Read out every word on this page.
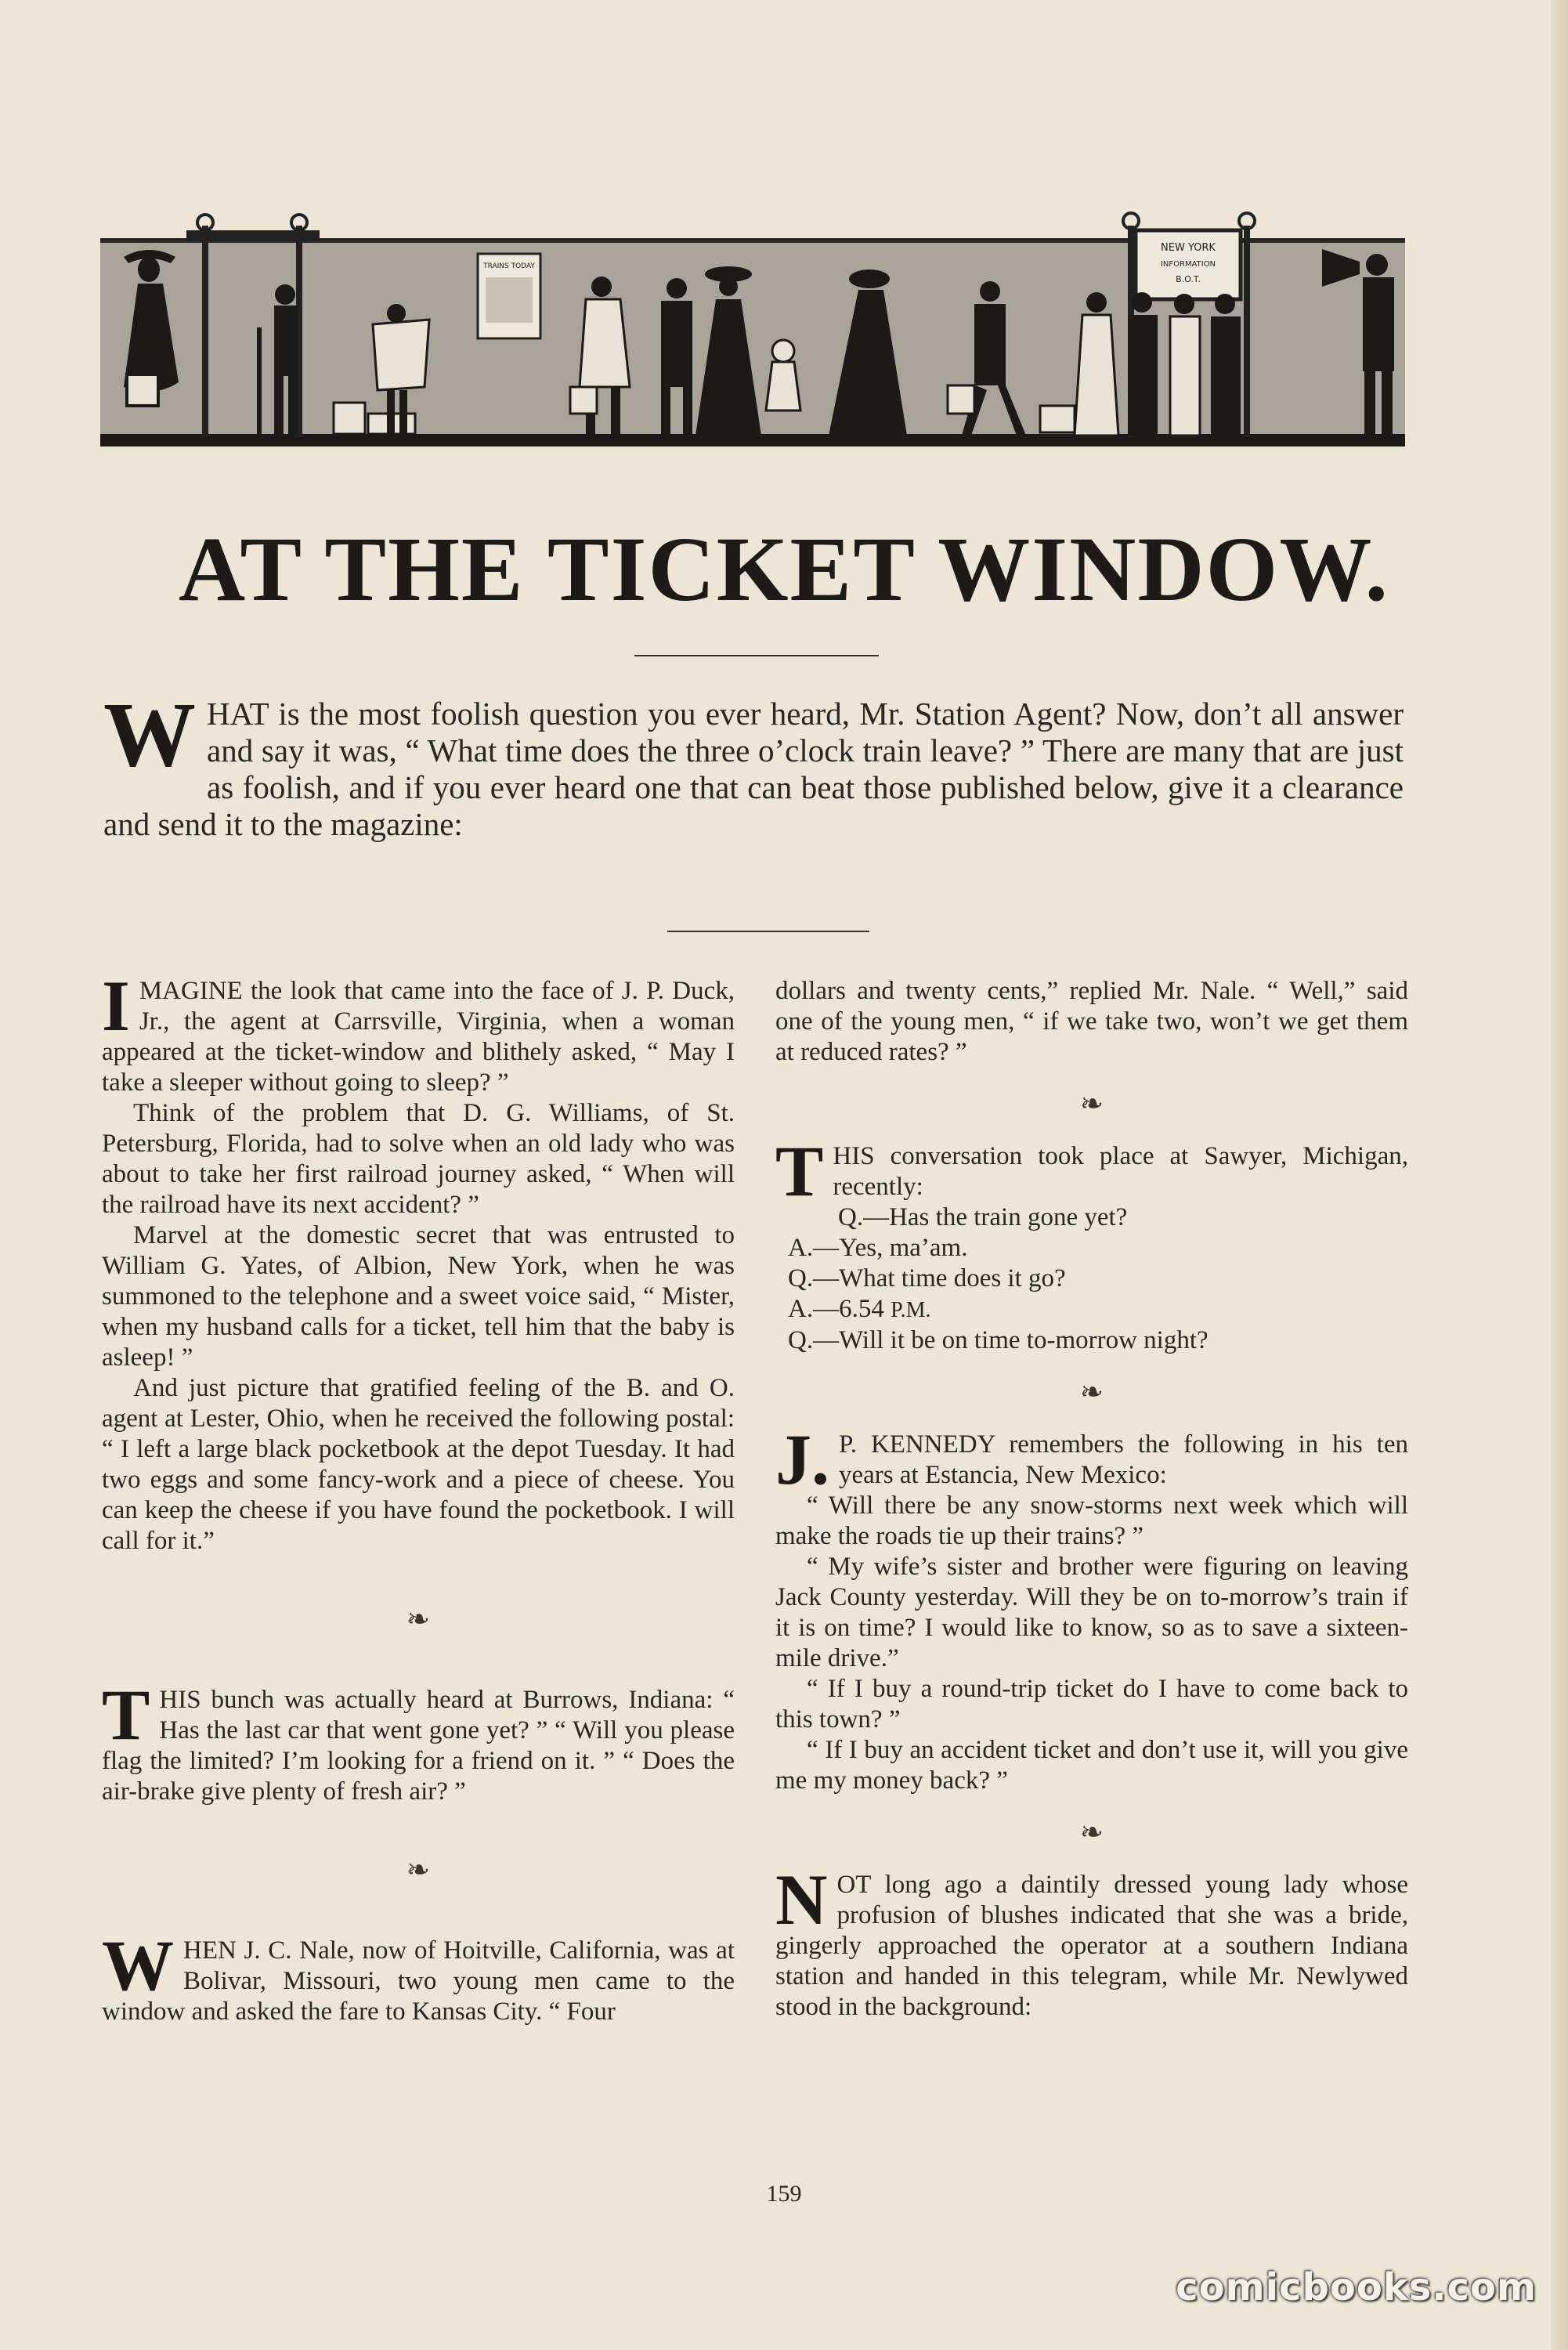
TRAINS TODAY
NEW YORK
INFORMATION
B.O.T.
AT THE TICKET WINDOW.

WHAT is the most foolish question you ever heard, Mr. Station Agent? Now, don’t all answer and say it was, “ What time does the three o’clock train leave? ” There are many that are just as foolish, and if you ever heard one that can beat those published below, give it a clearance and send it to the magazine:

IMAGINE the look that came into the face of J. P. Duck, Jr., the agent at Carrsville, Virginia, when a woman appeared at the ticket-window and blithely asked, “ May I take a sleeper without going to sleep? ”

Think of the problem that D. G. Williams, of St. Petersburg, Florida, had to solve when an old lady who was about to take her first railroad journey asked, “ When will the railroad have its next accident? ”

Marvel at the domestic secret that was entrusted to William G. Yates, of Albion, New York, when he was summoned to the telephone and a sweet voice said, “ Mister, when my husband calls for a ticket, tell him that the baby is asleep! ”

And just picture that gratified feeling of the B. and O. agent at Lester, Ohio, when he received the following postal: “ I left a large black pocketbook at the depot Tuesday. It had two eggs and some fancy-work and a piece of cheese. You can keep the cheese if you have found the pocketbook. I will call for it.”

❧

THIS bunch was actually heard at Burrows, Indiana: “ Has the last car that went gone yet? ” “ Will you please flag the limited? I’m looking for a friend on it. ” “ Does the air-brake give plenty of fresh air? ”

❧

WHEN J. C. Nale, now of Hoitville, California, was at Bolivar, Missouri, two young men came to the window and asked the fare to Kansas City. “ Four

dollars and twenty cents,” replied Mr. Nale. “ Well,” said one of the young men, “ if we take two, won’t we get them at reduced rates? ”

❧

THIS conversation took place at Sawyer, Michigan, recently:

Q.—Has the train gone yet?

A.—Yes, ma’am.

Q.—What time does it go?

A.—6.54 P.M.

Q.—Will it be on time to-morrow night?

❧

J. P. KENNEDY remembers the following in his ten years at Estancia, New Mexico:

“ Will there be any snow-storms next week which will make the roads tie up their trains? ”

“ My wife’s sister and brother were figuring on leaving Jack County yesterday. Will they be on to-morrow’s train if it is on time? I would like to know, so as to save a sixteen-mile drive.”

“ If I buy a round-trip ticket do I have to come back to this town? ”

“ If I buy an accident ticket and don’t use it, will you give me my money back? ”

❧

NOT long ago a daintily dressed young lady whose profusion of blushes indicated that she was a bride, gingerly approached the operator at a southern Indiana station and handed in this telegram, while Mr. Newlywed stood in the background:

159
comicbooks.com
